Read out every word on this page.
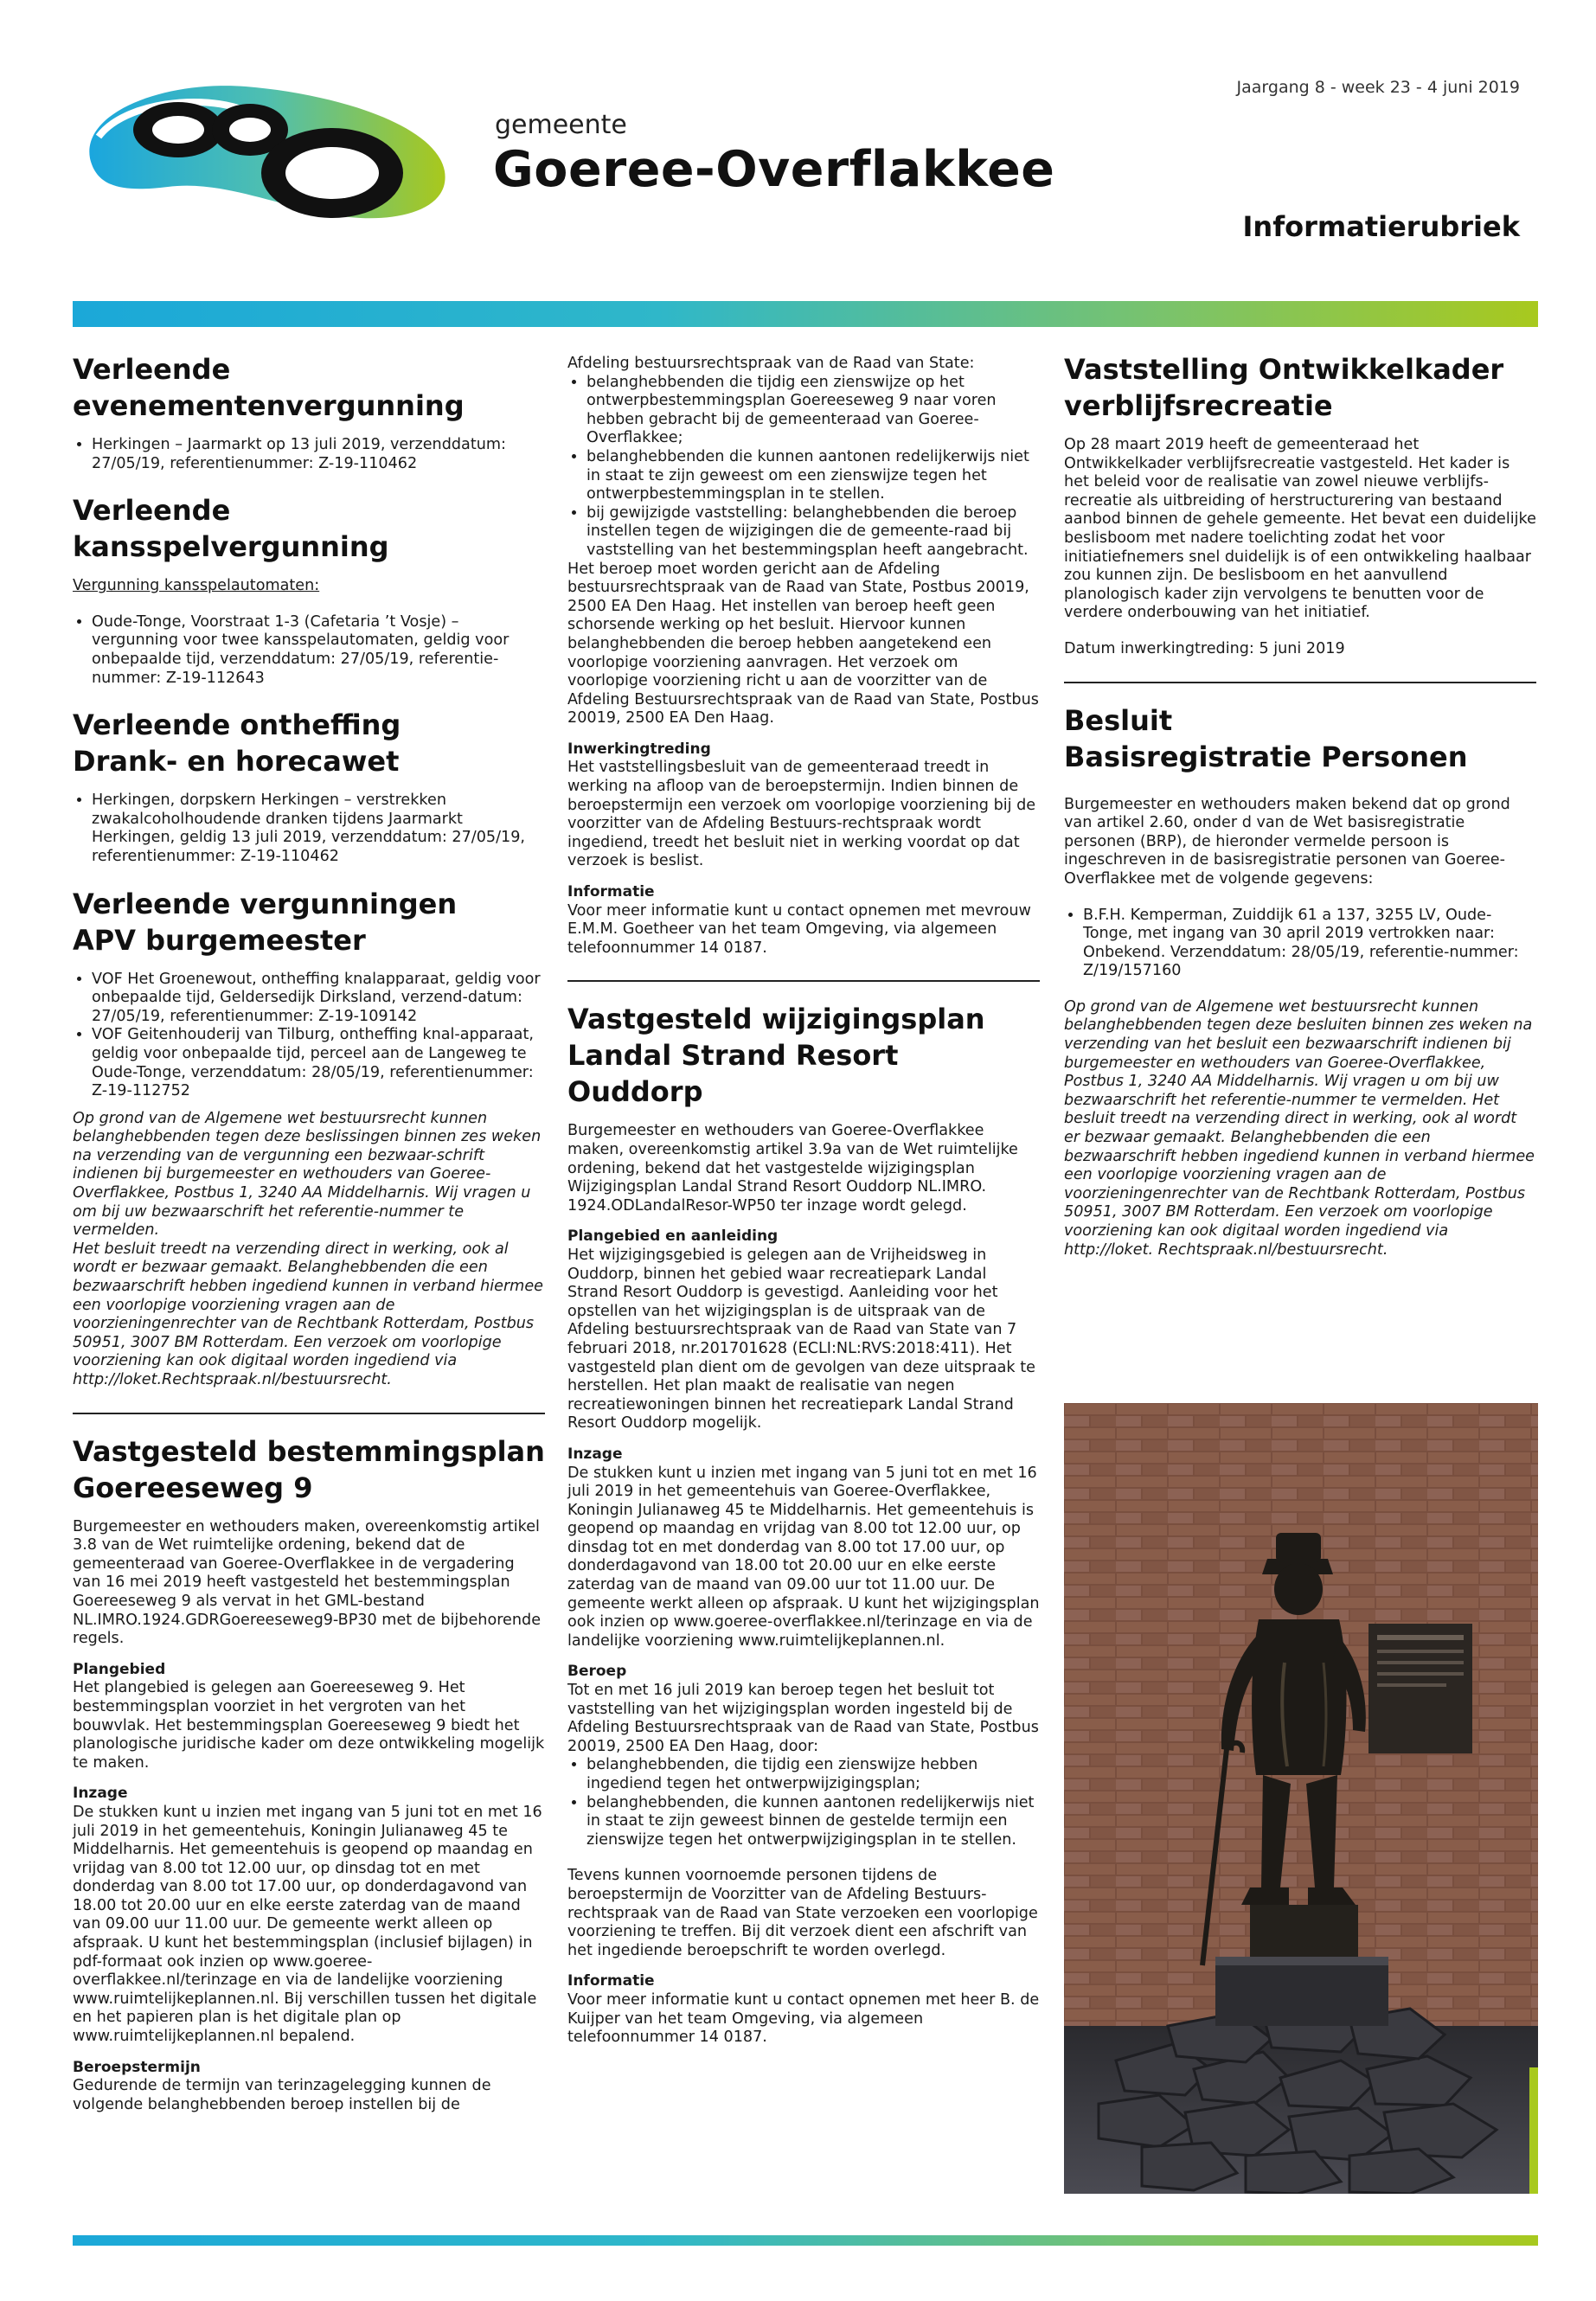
gemeente
Goeree-Overflakkee
Jaargang 8 - week 23 - 4 juni 2019
Informatierubriek
Verleende
evenementenvergunning
• Herkingen – Jaarmarkt op 13 juli 2019, verzenddatum: 27/05/19, referentienummer: Z-19-110462
Verleende kansspelvergunning

Vergunning kansspelautomaten:

• Oude-Tonge, Voorstraat 1-3 (Cafetaria ’t Vosje) – vergunning voor twee kansspelautomaten, geldig voor onbepaalde tijd, verzenddatum: 27/05/19, referentie-nummer: Z-19-112643
Verleende ontheffing
Drank- en horecawet
• Herkingen, dorpskern Herkingen – verstrekken zwakalcoholhoudende dranken tijdens Jaarmarkt Herkingen, geldig 13 juli 2019, verzenddatum: 27/05/19, referentienummer: Z-19-110462
Verleende vergunningen
APV burgemeester
• VOF Het Groenewout, ontheffing knalapparaat, geldig voor onbepaalde tijd, Geldersedijk Dirksland, verzend-datum: 27/05/19, referentienummer: Z-19-109142
• VOF Geitenhouderij van Tilburg, ontheffing knal-apparaat, geldig voor onbepaalde tijd, perceel aan de Langeweg te Oude-Tonge, verzenddatum: 28/05/19, referentienummer: Z-19-112752

Op grond van de Algemene wet bestuursrecht kunnen belanghebbenden tegen deze beslissingen binnen zes weken na verzending van de vergunning een bezwaar-schrift indienen bij burgemeester en wethouders van Goeree-Overflakkee, Postbus 1, 3240 AA Middelharnis. Wij vragen u om bij uw bezwaarschrift het referentie-nummer te vermelden.

Het besluit treedt na verzending direct in werking, ook al wordt er bezwaar gemaakt. Belanghebbenden die een bezwaarschrift hebben ingediend kunnen in verband hiermee een voorlopige voorziening vragen aan de voorzieningenrechter van de Rechtbank Rotterdam, Postbus 50951, 3007 BM Rotterdam. Een verzoek om voorlopige voorziening kan ook digitaal worden ingediend via http://loket.Rechtspraak.nl/bestuursrecht.

Vastgesteld bestemmingsplan
Goereeseweg 9

Burgemeester en wethouders maken, overeenkomstig artikel 3.8 van de Wet ruimtelijke ordening, bekend dat de gemeenteraad van Goeree-Overflakkee in de vergadering van 16 mei 2019 heeft vastgesteld het bestemmingsplan Goereeseweg 9 als vervat in het GML-bestand NL.IMRO.1924.GDRGoereeseweg9-BP30 met de bijbehorende regels.

Plangebied

Het plangebied is gelegen aan Goereeseweg 9. Het bestemmingsplan voorziet in het vergroten van het bouwvlak. Het bestemmingsplan Goereeseweg 9 biedt het planologische juridische kader om deze ontwikkeling mogelijk te maken.

Inzage

De stukken kunt u inzien met ingang van 5 juni tot en met 16 juli 2019 in het gemeentehuis, Koningin Julianaweg 45 te Middelharnis. Het gemeentehuis is geopend op maandag en vrijdag van 8.00 tot 12.00 uur, op dinsdag tot en met donderdag van 8.00 tot 17.00 uur, op donderdagavond van 18.00 tot 20.00 uur en elke eerste zaterdag van de maand van 09.00 uur 11.00 uur. De gemeente werkt alleen op afspraak. U kunt het bestemmingsplan (inclusief bijlagen) in pdf-formaat ook inzien op www.goeree-overflakkee.nl/terinzage en via de landelijke voorziening www.ruimtelijkeplannen.nl. Bij verschillen tussen het digitale en het papieren plan is het digitale plan op www.ruimtelijkeplannen.nl bepalend.

Beroepstermijn

Gedurende de termijn van terinzagelegging kunnen de volgende belanghebbenden beroep instellen bij de

Afdeling bestuursrechtspraak van de Raad van State:

• belanghebbenden die tijdig een zienswijze op het ontwerpbestemmingsplan Goereeseweg 9 naar voren hebben gebracht bij de gemeenteraad van Goeree-Overflakkee;
• belanghebbenden die kunnen aantonen redelijkerwijs niet in staat te zijn geweest om een zienswijze tegen het ontwerpbestemmingsplan in te stellen.
• bij gewijzigde vaststelling: belanghebbenden die beroep instellen tegen de wijzigingen die de gemeente-raad bij vaststelling van het bestemmingsplan heeft aangebracht.

Het beroep moet worden gericht aan de Afdeling bestuursrechtspraak van de Raad van State, Postbus 20019, 2500 EA Den Haag. Het instellen van beroep heeft geen schorsende werking op het besluit. Hiervoor kunnen belanghebbenden die beroep hebben aangetekend een voorlopige voorziening aanvragen. Het verzoek om voorlopige voorziening richt u aan de voorzitter van de Afdeling Bestuursrechtspraak van de Raad van State, Postbus 20019, 2500 EA Den Haag.

Inwerkingtreding

Het vaststellingsbesluit van de gemeenteraad treedt in werking na afloop van de beroepstermijn. Indien binnen de beroepstermijn een verzoek om voorlopige voorziening bij de voorzitter van de Afdeling Bestuurs-rechtspraak wordt ingediend, treedt het besluit niet in werking voordat op dat verzoek is beslist.

Informatie

Voor meer informatie kunt u contact opnemen met mevrouw E.M.M. Goetheer van het team Omgeving, via algemeen telefoonnummer 14 0187.

Vastgesteld wijzigingsplan
Landal Strand Resort Ouddorp

Burgemeester en wethouders van Goeree-Overflakkee maken, overeenkomstig artikel 3.9a van de Wet ruimtelijke ordening, bekend dat het vastgestelde wijzigingsplan Wijzigingsplan Landal Strand Resort Ouddorp NL.IMRO. 1924.ODLandalResor-WP50 ter inzage wordt gelegd.

Plangebied en aanleiding

Het wijzigingsgebied is gelegen aan de Vrijheidsweg in Ouddorp, binnen het gebied waar recreatiepark Landal Strand Resort Ouddorp is gevestigd. Aanleiding voor het opstellen van het wijzigingsplan is de uitspraak van de Afdeling bestuursrechtspraak van de Raad van State van 7 februari 2018, nr.201701628 (ECLI:NL:RVS:2018:411). Het vastgesteld plan dient om de gevolgen van deze uitspraak te herstellen. Het plan maakt de realisatie van negen recreatiewoningen binnen het recreatiepark Landal Strand Resort Ouddorp mogelijk.

Inzage

De stukken kunt u inzien met ingang van 5 juni tot en met 16 juli 2019 in het gemeentehuis van Goeree-Overflakkee, Koningin Julianaweg 45 te Middelharnis. Het gemeentehuis is geopend op maandag en vrijdag van 8.00 tot 12.00 uur, op dinsdag tot en met donderdag van 8.00 tot 17.00 uur, op donderdagavond van 18.00 tot 20.00 uur en elke eerste zaterdag van de maand van 09.00 uur tot 11.00 uur. De gemeente werkt alleen op afspraak. U kunt het wijzigingsplan ook inzien op www.goeree-overflakkee.nl/terinzage en via de landelijke voorziening www.ruimtelijkeplannen.nl.

Beroep

Tot en met 16 juli 2019 kan beroep tegen het besluit tot vaststelling van het wijzigingsplan worden ingesteld bij de Afdeling Bestuursrechtspraak van de Raad van State, Postbus 20019, 2500 EA Den Haag, door:

• belanghebbenden, die tijdig een zienswijze hebben ingediend tegen het ontwerpwijzigingsplan;
• belanghebbenden, die kunnen aantonen redelijkerwijs niet in staat te zijn geweest binnen de gestelde termijn een zienswijze tegen het ontwerpwijzigingsplan in te stellen.

Tevens kunnen voornoemde personen tijdens de beroepstermijn de Voorzitter van de Afdeling Bestuurs-rechtspraak van de Raad van State verzoeken een voorlopige voorziening te treffen. Bij dit verzoek dient een afschrift van het ingediende beroepschrift te worden overlegd.

Informatie

Voor meer informatie kunt u contact opnemen met heer B. de Kuijper van het team Omgeving, via algemeen telefoonnummer 14 0187.

Vaststelling Ontwikkelkader
verblijfsrecreatie

Op 28 maart 2019 heeft de gemeenteraad het Ontwikkelkader verblijfsrecreatie vastgesteld. Het kader is het beleid voor de realisatie van zowel nieuwe verblijfs-recreatie als uitbreiding of herstructurering van bestaand aanbod binnen de gehele gemeente. Het bevat een duidelijke beslisboom met nadere toelichting zodat het voor initiatiefnemers snel duidelijk is of een ontwikkeling haalbaar zou kunnen zijn. De beslisboom en het aanvullend planologisch kader zijn vervolgens te benutten voor de verdere onderbouwing van het initiatief.

Datum inwerkingtreding: 5 juni 2019

Besluit
Basisregistratie Personen

Burgemeester en wethouders maken bekend dat op grond van artikel 2.60, onder d van de Wet basisregistratie personen (BRP), de hieronder vermelde persoon is ingeschreven in de basisregistratie personen van Goeree-Overflakkee met de volgende gegevens:

• B.F.H. Kemperman, Zuiddijk 61 a 137, 3255 LV, Oude-Tonge, met ingang van 30 april 2019 vertrokken naar: Onbekend. Verzenddatum: 28/05/19, referentie-nummer: Z/19/157160

Op grond van de Algemene wet bestuursrecht kunnen belanghebbenden tegen deze besluiten binnen zes weken na verzending van het besluit een bezwaarschrift indienen bij burgemeester en wethouders van Goeree-Overflakkee, Postbus 1, 3240 AA Middelharnis. Wij vragen u om bij uw bezwaarschrift het referentie-nummer te vermelden. Het besluit treedt na verzending direct in werking, ook al wordt er bezwaar gemaakt. Belanghebbenden die een bezwaarschrift hebben ingediend kunnen in verband hiermee een voorlopige voorziening vragen aan de voorzieningenrechter van de Rechtbank Rotterdam, Postbus 50951, 3007 BM Rotterdam. Een verzoek om voorlopige voorziening kan ook digitaal worden ingediend via http://loket. Rechtspraak.nl/bestuursrecht.
